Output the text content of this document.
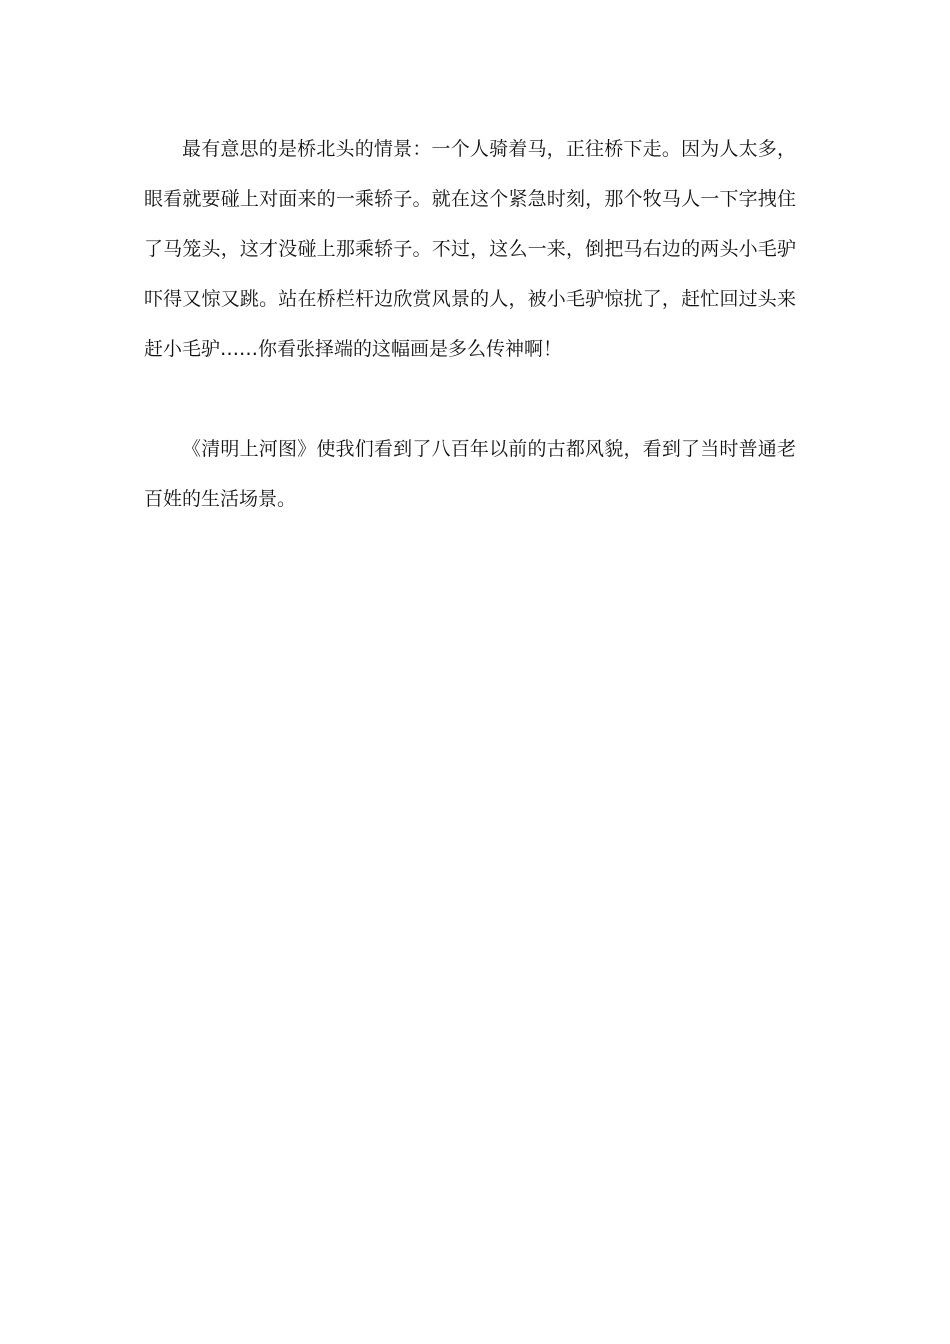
最有意思的是桥北头的情景：一个人骑着马，正往桥下走。因为人太多，
眼看就要碰上对面来的一乘轿子。就在这个紧急时刻，那个牧马人一下字拽住
了马笼头，这才没碰上那乘轿子。不过，这么一来，倒把马右边的两头小毛驴
吓得又惊又跳。站在桥栏杆边欣赏风景的人，被小毛驴惊扰了，赶忙回过头来
赶小毛驴……你看张择端的这幅画是多么传神啊！
《清明上河图》使我们看到了八百年以前的古都风貌，看到了当时普通老
百姓的生活场景。
